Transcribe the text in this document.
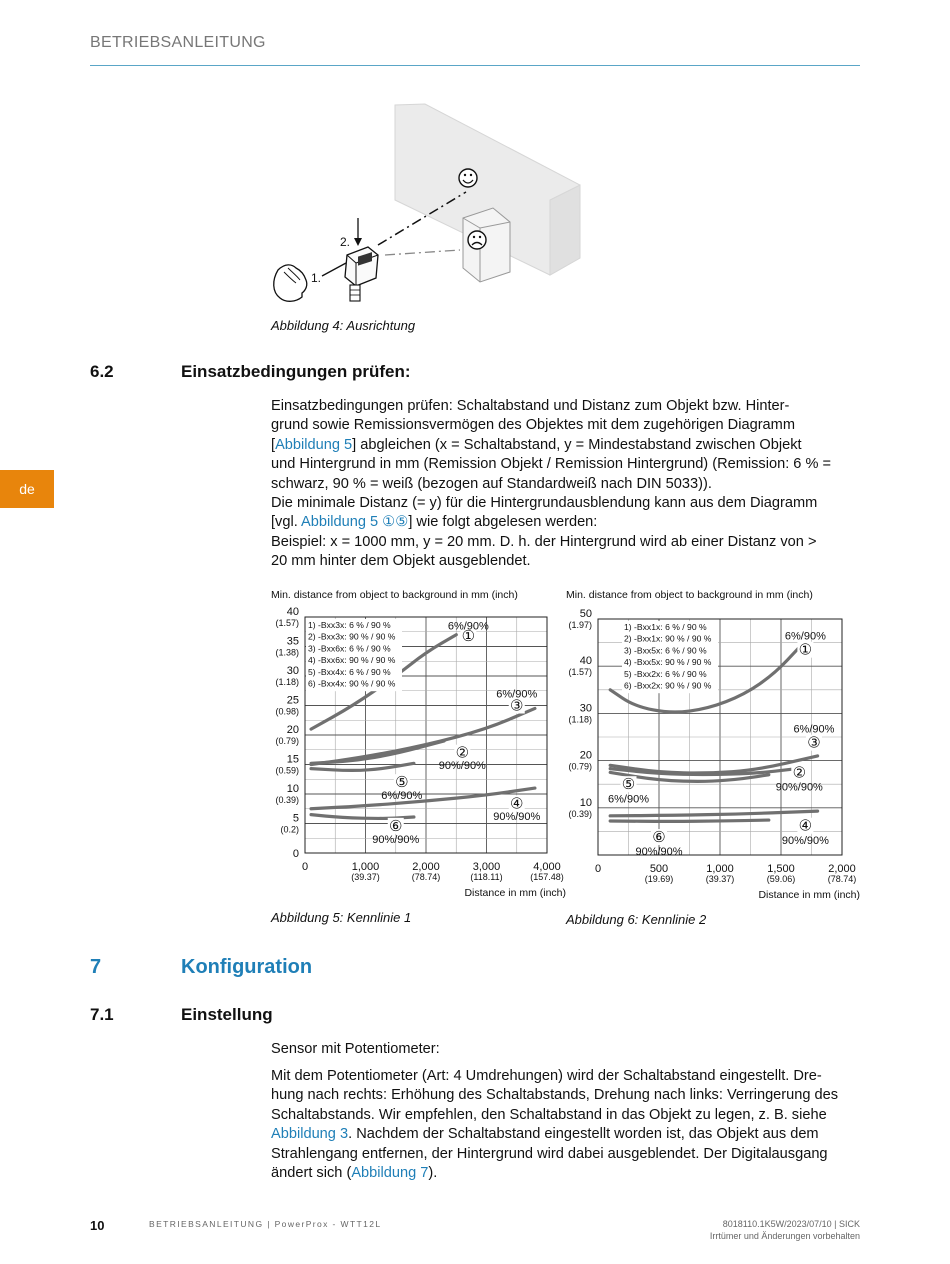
BETRIEBSANLEITUNG
de
2.
1.
Abbildung 4: Ausrichtung
6.2	Einsatzbedingungen prüfen:

Einsatzbedingungen prüfen: Schaltabstand und Distanz zum Objekt bzw. Hinter-

grund sowie Remissionsvermögen des Objektes mit dem zugehörigen Diagramm

[Abbildung 5] abgleichen (x = Schaltabstand, y = Mindestabstand zwischen Objekt

und Hintergrund in mm (Remission Objekt / Remission Hintergrund) (Remission: 6 % =

schwarz, 90 % = weiß (bezogen auf Standardweiß nach DIN 5033)).

Die minimale Distanz (= y) für die Hintergrundausblendung kann aus dem Diagramm

[vgl. Abbildung 5 ①⑤] wie folgt abgelesen werden:

Beispiel: x = 1000 mm, y = 20 mm. D. h. der Hintergrund wird ab einer Distanz von >

20 mm hinter dem Objekt ausgeblendet.

Min. distance from object to background in mm (inch)
0
5
(0.2)
10
(0.39)
15
(0.59)
20
(0.79)
25
(0.98)
30
(1.18)
35
(1.38)
40
(1.57)
0	1,000
(39.37)
2,000
(78.74)
3,000
(118.11)
4,000
(157.48)
Distance in mm (inch)
①
6%/90%
③
6%/90%
②
90%/90%
⑤
6%/90%	④
90%/90%
⑥
90%/90%
1) -Bxx3x: 6 % / 90 %
2) -Bxx3x: 90 % / 90 %
3) -Bxx6x: 6 % / 90 %
4) -Bxx6x: 90 % / 90 %
5) -Bxx4x: 6 % / 90 %
6) -Bxx4x: 90 % / 90 %
Abbildung 5: Kennlinie 1
Min. distance from object to background in mm (inch)
10
(0.39)
20
(0.79)
30
(1.18)
40
(1.57)
50
(1.97)
0	500
(19.69)
1,000
(39.37)
1,500
(59.06)
2,000
(78.74)
Distance in mm (inch)
①
6%/90%
③
6%/90%
②
90%/90%
⑤
6%/90%
④
90%/90%
⑥
90%/90%
1) -Bxx1x: 6 % / 90 %
2) -Bxx1x: 90 % / 90 %
3) -Bxx5x: 6 % / 90 %
4) -Bxx5x: 90 % / 90 %
5) -Bxx2x: 6 % / 90 %
6) -Bxx2x: 90 % / 90 %
Abbildung 6: Kennlinie 2
7	Konfiguration
7.1	Einstellung

Sensor mit Potentiometer:

Mit dem Potentiometer (Art: 4 Umdrehungen) wird der Schaltabstand eingestellt. Dre-

hung nach rechts: Erhöhung des Schaltabstands, Drehung nach links: Verringerung des

Schaltabstands. Wir empfehlen, den Schaltabstand in das Objekt zu legen, z. B. siehe

Abbildung 3. Nachdem der Schaltabstand eingestellt worden ist, das Objekt aus dem

Strahlengang entfernen, der Hintergrund wird dabei ausgeblendet. Der Digitalausgang

ändert sich (Abbildung 7).

10	BETRIEBSANLEITUNG | PowerProx - WTT12L	8018110.1K5W/2023/07/10 | SICK
Irrtümer und Änderungen vorbehalten
